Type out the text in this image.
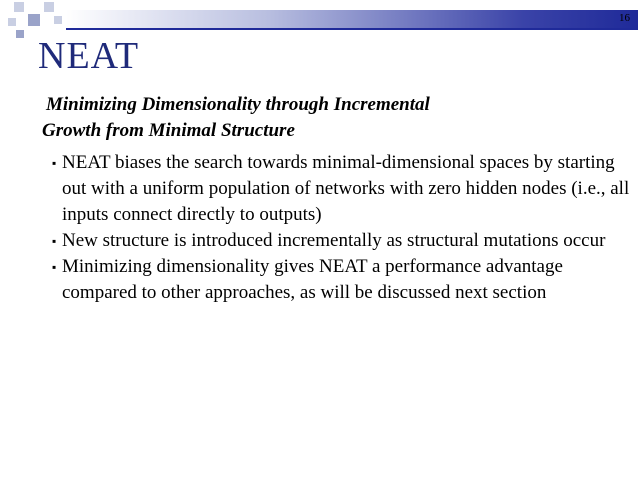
16
NEAT
Minimizing Dimensionality through Incremental
Growth from Minimal Structure
▪ NEAT biases the search towards minimal-dimensional spaces by starting out with a uniform population of networks with zero hidden nodes (i.e., all inputs connect directly to outputs)
▪ New structure is introduced incrementally as structural mutations occur
▪ Minimizing dimensionality gives NEAT a performance advantage compared to other approaches, as will be discussed next section
